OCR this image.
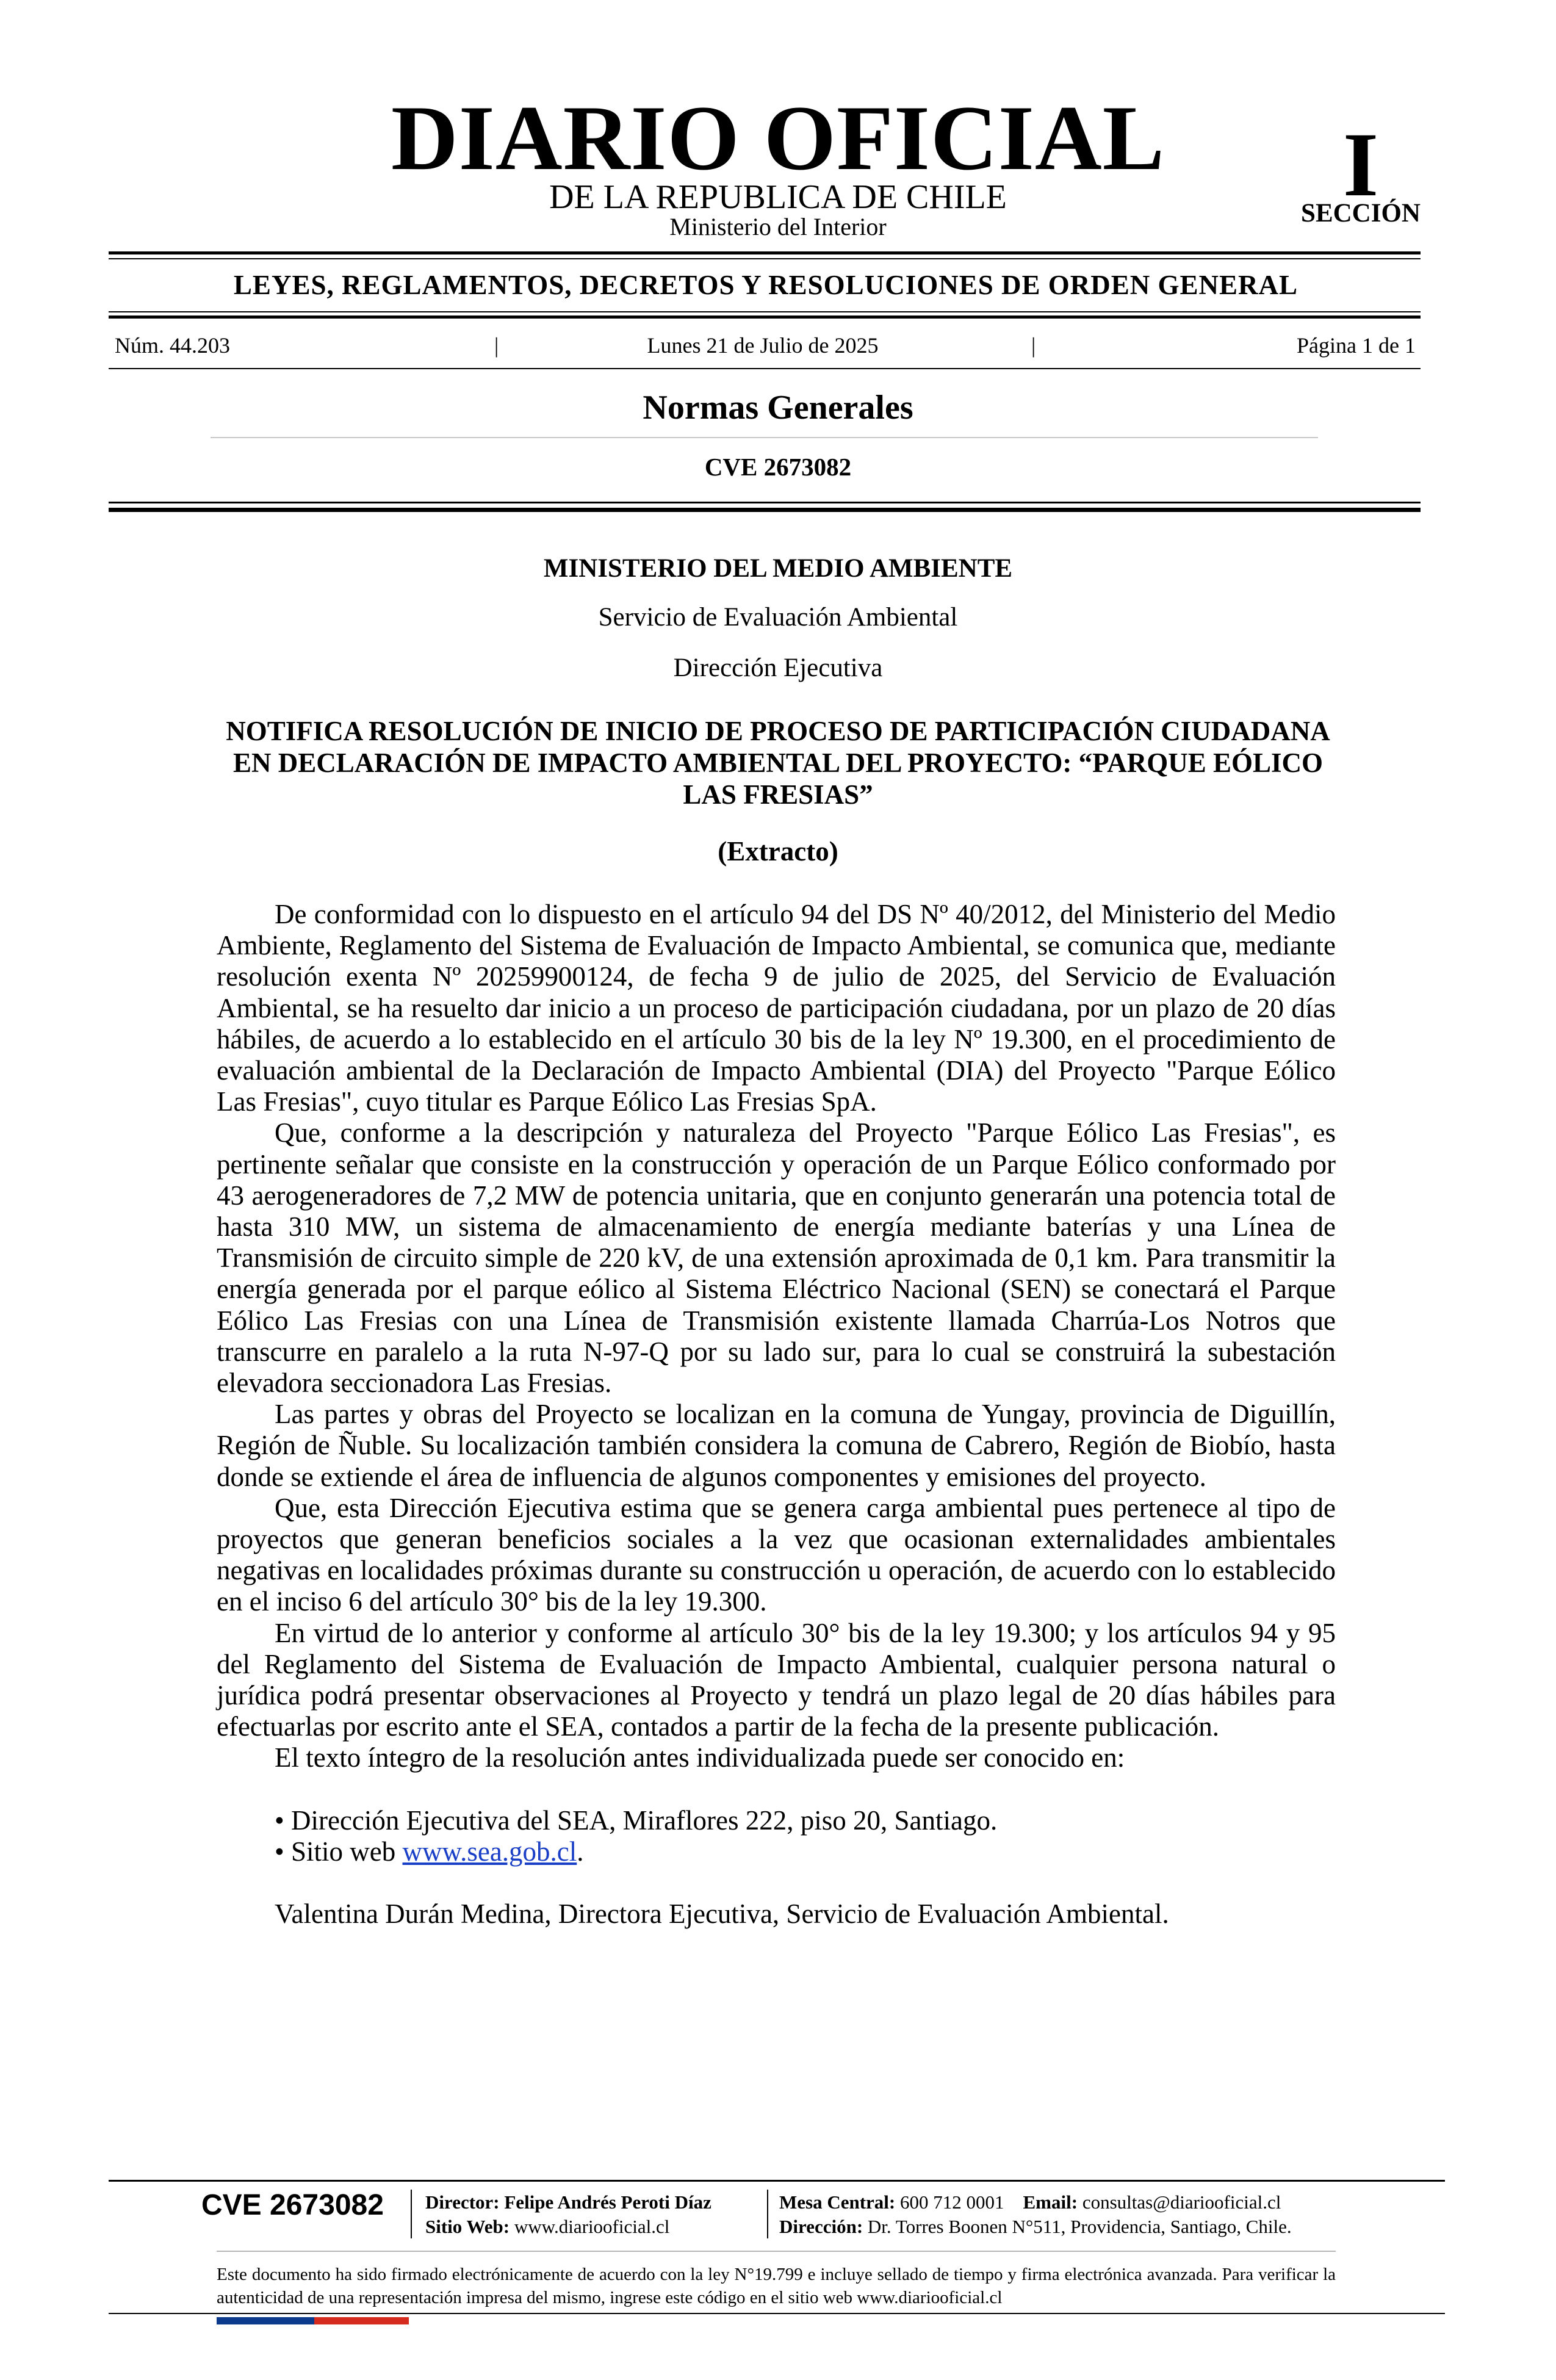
DIARIO OFICIAL
DE LA REPUBLICA DE CHILE
Ministerio del Interior
I
SECCIÓN
LEYES, REGLAMENTOS, DECRETOS Y RESOLUCIONES DE ORDEN GENERAL
Núm. 44.203	|	Lunes 21 de Julio de 2025	|	Página 1 de 1
Normas Generales
CVE 2673082
MINISTERIO DEL MEDIO AMBIENTE
Servicio de Evaluación Ambiental
Dirección Ejecutiva
NOTIFICA RESOLUCIÓN DE INICIO DE PROCESO DE PARTICIPACIÓN CIUDADANA EN DECLARACIÓN DE IMPACTO AMBIENTAL DEL PROYECTO: “PARQUE EÓLICO LAS FRESIAS”
(Extracto)

De conformidad con lo dispuesto en el artículo 94 del DS Nº 40/2012, del Ministerio del Medio Ambiente, Reglamento del Sistema de Evaluación de Impacto Ambiental, se comunica que, mediante resolución exenta Nº 20259900124, de fecha 9 de julio de 2025, del Servicio de Evaluación Ambiental, se ha resuelto dar inicio a un proceso de participación ciudadana, por un plazo de 20 días hábiles, de acuerdo a lo establecido en el artículo 30 bis de la ley Nº 19.300, en el procedimiento de evaluación ambiental de la Declaración de Impacto Ambiental (DIA) del Proyecto "Parque Eólico Las Fresias", cuyo titular es Parque Eólico Las Fresias SpA.

Que, conforme a la descripción y naturaleza del Proyecto "Parque Eólico Las Fresias", es pertinente señalar que consiste en la construcción y operación de un Parque Eólico conformado por 43 aerogeneradores de 7,2 MW de potencia unitaria, que en conjunto generarán una potencia total de hasta 310 MW, un sistema de almacenamiento de energía mediante baterías y una Línea de Transmisión de circuito simple de 220 kV, de una extensión aproximada de 0,1 km. Para transmitir la energía generada por el parque eólico al Sistema Eléctrico Nacional (SEN) se conectará el Parque Eólico Las Fresias con una Línea de Transmisión existente llamada Charrúa-Los Notros que transcurre en paralelo a la ruta N-97-Q por su lado sur, para lo cual se construirá la subestación elevadora seccionadora Las Fresias.

Las partes y obras del Proyecto se localizan en la comuna de Yungay, provincia de Diguillín, Región de Ñuble. Su localización también considera la comuna de Cabrero, Región de Biobío, hasta donde se extiende el área de influencia de algunos componentes y emisiones del proyecto.

Que, esta Dirección Ejecutiva estima que se genera carga ambiental pues pertenece al tipo de proyectos que generan beneficios sociales a la vez que ocasionan externalidades ambientales negativas en localidades próximas durante su construcción u operación, de acuerdo con lo establecido en el inciso 6 del artículo 30° bis de la ley 19.300.

En virtud de lo anterior y conforme al artículo 30° bis de la ley 19.300; y los artículos 94 y 95 del Reglamento del Sistema de Evaluación de Impacto Ambiental, cualquier persona natural o jurídica podrá presentar observaciones al Proyecto y tendrá un plazo legal de 20 días hábiles para efectuarlas por escrito ante el SEA, contados a partir de la fecha de la presente publicación.

El texto íntegro de la resolución antes individualizada puede ser conocido en:

• Dirección Ejecutiva del SEA, Miraflores 222, piso 20, Santiago.

• Sitio web www.sea.gob.cl.

Valentina Durán Medina, Directora Ejecutiva, Servicio de Evaluación Ambiental.

CVE 2673082	Director: Felipe Andrés Peroti Díaz
Sitio Web: www.diariooficial.cl
Mesa Central: 600 712 0001 Email: consultas@diariooficial.cl
Dirección: Dr. Torres Boonen N°511, Providencia, Santiago, Chile.
Este documento ha sido firmado electrónicamente de acuerdo con la ley N°19.799 e incluye sellado de tiempo y firma electrónica avanzada. Para verificar la autenticidad de una representación impresa del mismo, ingrese este código en el sitio web www.diariooficial.cl
